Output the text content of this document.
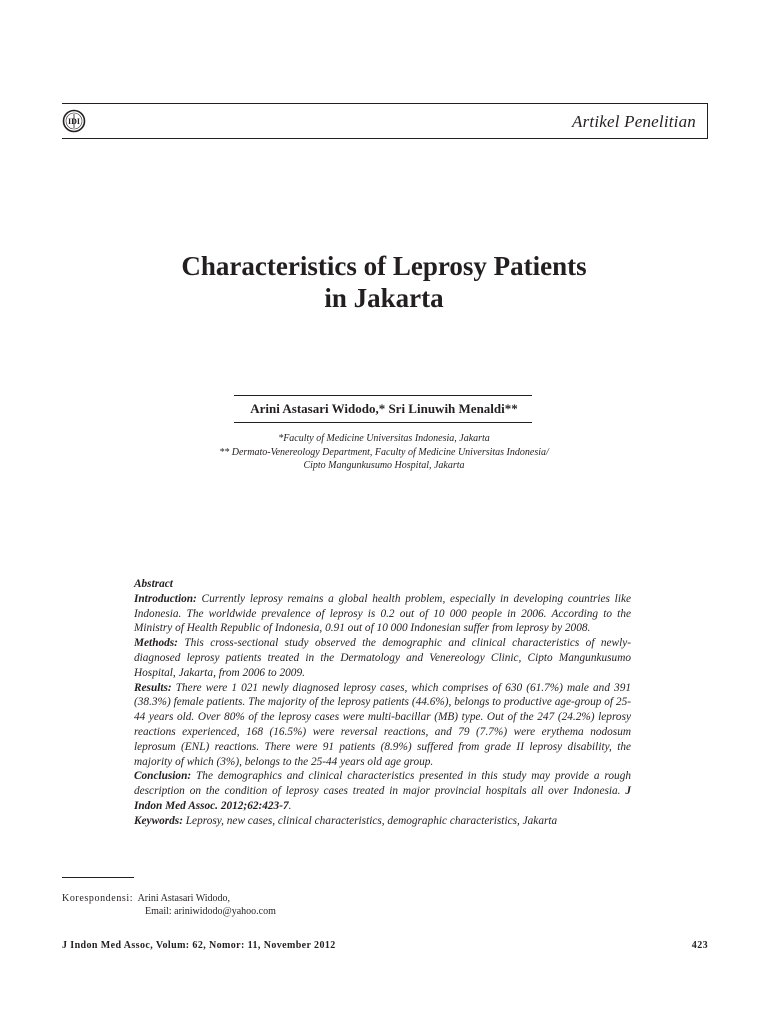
IDI	Artikel Penelitian
Characteristics of Leprosy Patients
in Jakarta
Arini Astasari Widodo,* Sri Linuwih Menaldi**
*Faculty of Medicine Universitas Indonesia, Jakarta
** Dermato-Venereology Department, Faculty of Medicine Universitas Indonesia/
Cipto Mangunkusumo Hospital, Jakarta

Abstract

Introduction: Currently leprosy remains a global health problem, especially in developing countries like Indonesia. The worldwide prevalence of leprosy is 0.2 out of 10 000 people in 2006. According to the Ministry of Health Republic of Indonesia, 0.91 out of 10 000 Indonesian suffer from leprosy by 2008.

Methods: This cross-sectional study observed the demographic and clinical characteristics of newly-diagnosed leprosy patients treated in the Dermatology and Venereology Clinic, Cipto Mangunkusumo Hospital, Jakarta, from 2006 to 2009.

Results: There were 1 021 newly diagnosed leprosy cases, which comprises of 630 (61.7%) male and 391 (38.3%) female patients. The majority of the leprosy patients (44.6%), belongs to productive age-group of 25-44 years old. Over 80% of the leprosy cases were multi-bacillar (MB) type. Out of the 247 (24.2%) leprosy reactions experienced, 168 (16.5%) were reversal reactions, and 79 (7.7%) were erythema nodosum leprosum (ENL) reactions. There were 91 patients (8.9%) suffered from grade II leprosy disability, the majority of which (3%), belongs to the 25-44 years old age group.

Conclusion: The demographics and clinical characteristics presented in this study may provide a rough description on the condition of leprosy cases treated in major provincial hospitals all over Indonesia. J Indon Med Assoc. 2012;62:423-7.

Keywords: Leprosy, new cases, clinical characteristics, demographic characteristics, Jakarta

Korespondensi: Arini Astasari Widodo,
Email: ariniwidodo@yahoo.com
J Indon Med Assoc, Volum: 62, Nomor: 11, November 2012	423
